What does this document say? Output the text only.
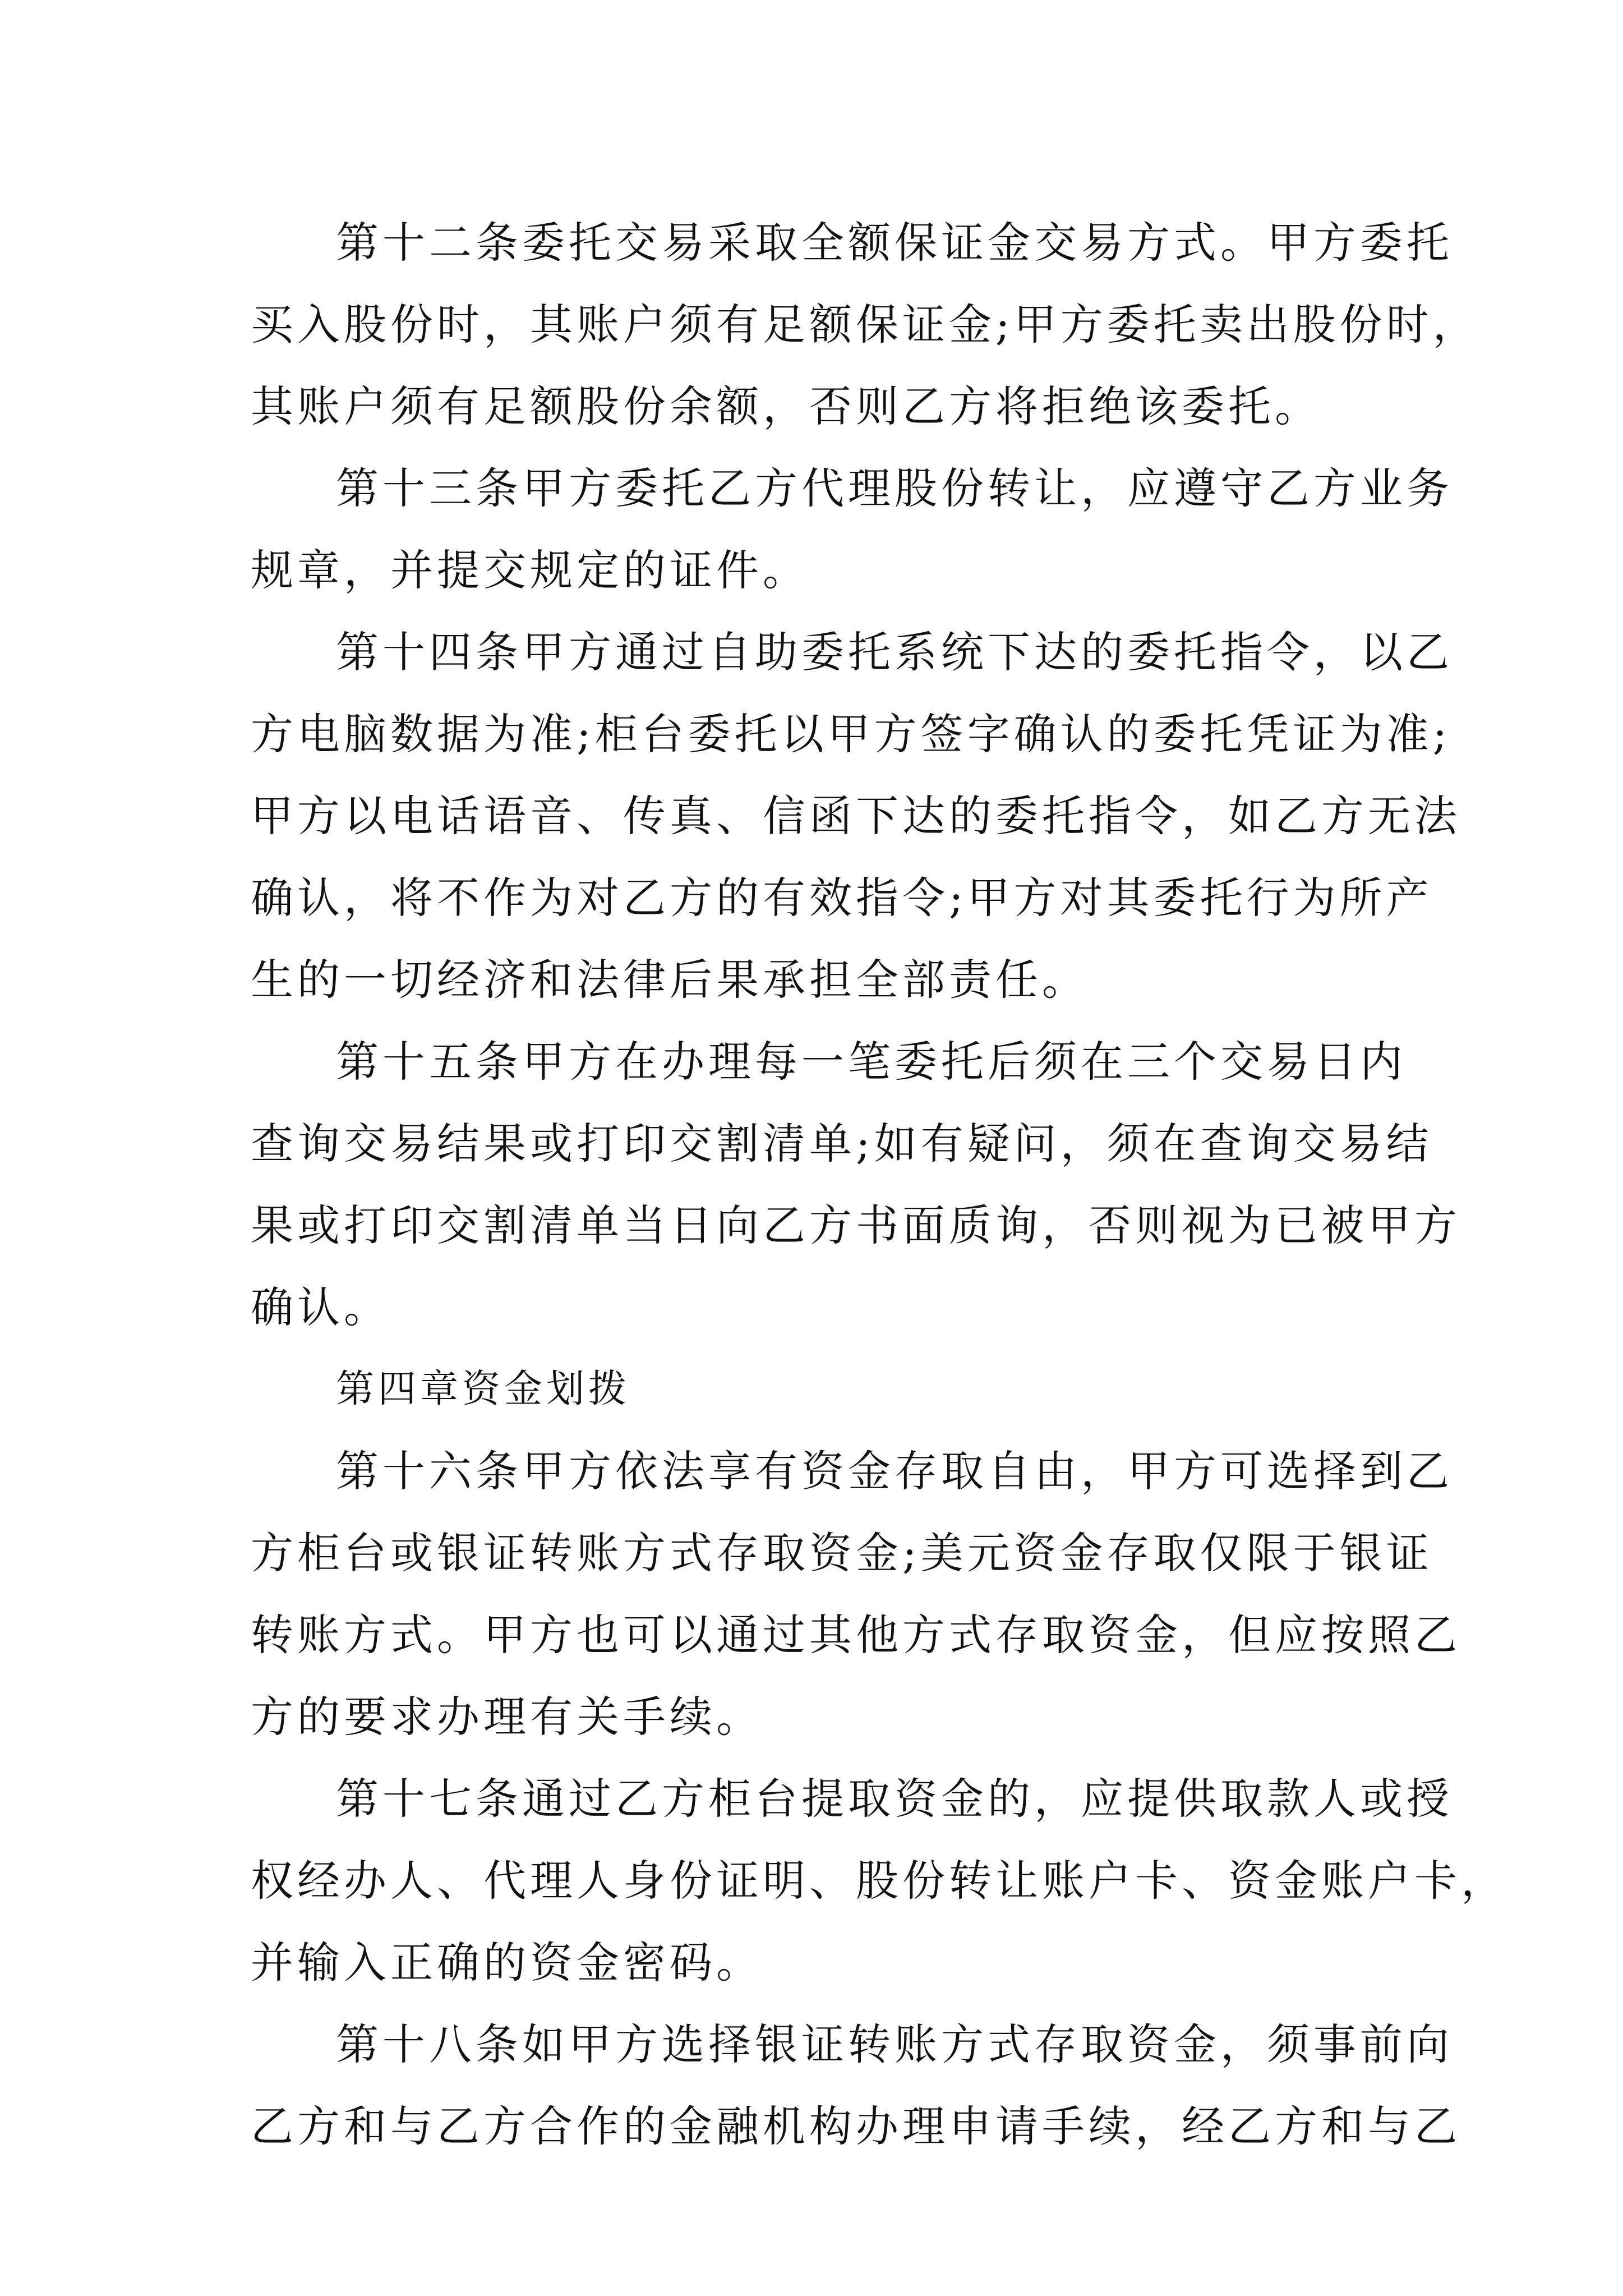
第十二条委托交易采取全额保证金交易方式。甲方委托
买入股份时，其账户须有足额保证金;甲方委托卖出股份时，
其账户须有足额股份余额，否则乙方将拒绝该委托。
第十三条甲方委托乙方代理股份转让，应遵守乙方业务
规章，并提交规定的证件。
第十四条甲方通过自助委托系统下达的委托指令，以乙
方电脑数据为准;柜台委托以甲方签字确认的委托凭证为准;
甲方以电话语音、传真、信函下达的委托指令，如乙方无法
确认，将不作为对乙方的有效指令;甲方对其委托行为所产
生的一切经济和法律后果承担全部责任。
第十五条甲方在办理每一笔委托后须在三个交易日内
查询交易结果或打印交割清单;如有疑问，须在查询交易结
果或打印交割清单当日向乙方书面质询，否则视为已被甲方
确认。
第四章资金划拨
第十六条甲方依法享有资金存取自由，甲方可选择到乙
方柜台或银证转账方式存取资金;美元资金存取仅限于银证
转账方式。甲方也可以通过其他方式存取资金，但应按照乙
方的要求办理有关手续。
第十七条通过乙方柜台提取资金的，应提供取款人或授
权经办人、代理人身份证明、股份转让账户卡、资金账户卡，
并输入正确的资金密码。
第十八条如甲方选择银证转账方式存取资金，须事前向
乙方和与乙方合作的金融机构办理申请手续，经乙方和与乙
